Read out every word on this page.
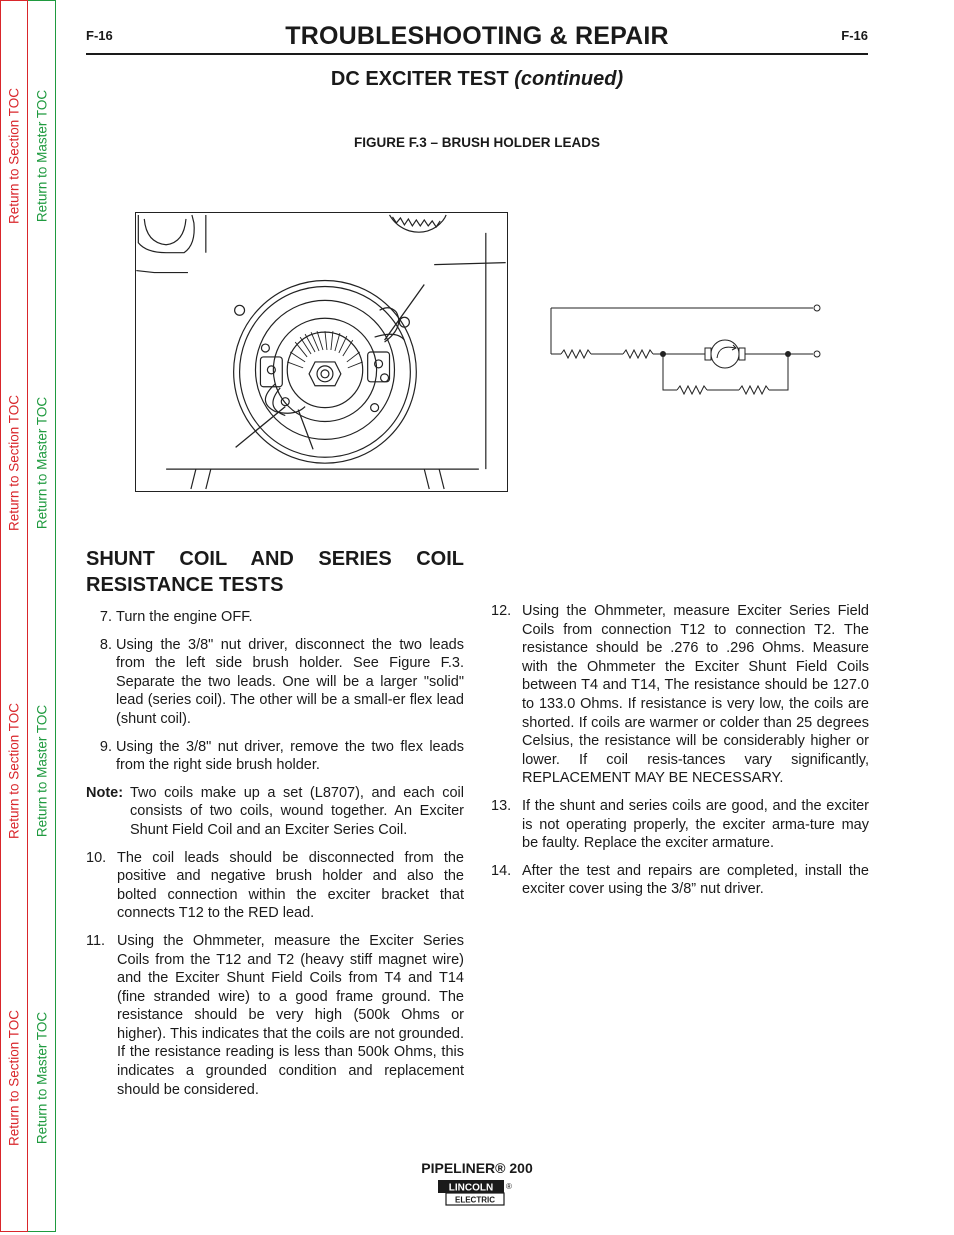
Return to Section TOC
Return to Section TOC
Return to Section TOC
Return to Section TOC
Return to Master TOC
Return to Master TOC
Return to Master TOC
Return to Master TOC
F-16	F-16
TROUBLESHOOTING & REPAIR
DC EXCITER TEST (continued)
FIGURE F.3 – BRUSH HOLDER LEADS
SHUNT COIL AND SERIES COIL RESISTANCE TESTS
7. Turn the engine OFF.
8. Using the 3/8" nut driver, disconnect the two leads from the left side brush holder. See Figure F.3. Separate the two leads. One will be a larger "solid" lead (series coil). The other will be a small-er flex lead (shunt coil).
9. Using the 3/8" nut driver, remove the two flex leads from the right side brush holder.
Note: Two coils make up a set (L8707), and each coil consists of two coils, wound together. An Exciter Shunt Field Coil and an Exciter Series Coil.
10. The coil leads should be disconnected from the positive and negative brush holder and also the bolted connection within the exciter bracket that connects T12 to the RED lead.
11. Using the Ohmmeter, measure the Exciter Series Coils from the T12 and T2 (heavy stiff magnet wire) and the Exciter Shunt Field Coils from T4 and T14 (fine stranded wire) to a good frame ground. The resistance should be very high (500k Ohms or higher). This indicates that the coils are not grounded. If the resistance reading is less than 500k Ohms, this indicates a grounded condition and replacement should be considered.
12. Using the Ohmmeter, measure Exciter Series Field Coils from connection T12 to connection T2. The resistance should be .276 to .296 Ohms. Measure with the Ohmmeter the Exciter Shunt Field Coils between T4 and T14, The resistance should be 127.0 to 133.0 Ohms. If resistance is very low, the coils are shorted. If coils are warmer or colder than 25 degrees Celsius, the resistance will be considerably higher or lower. If coil resis-tances vary significantly, REPLACEMENT MAY BE NECESSARY.
13. If the shunt and series coils are good, and the exciter is not operating properly, the exciter arma-ture may be faulty. Replace the exciter armature.
14. After the test and repairs are completed, install the exciter cover using the 3/8” nut driver.
PIPELINER® 200
LINCOLN
ELECTRIC
®
